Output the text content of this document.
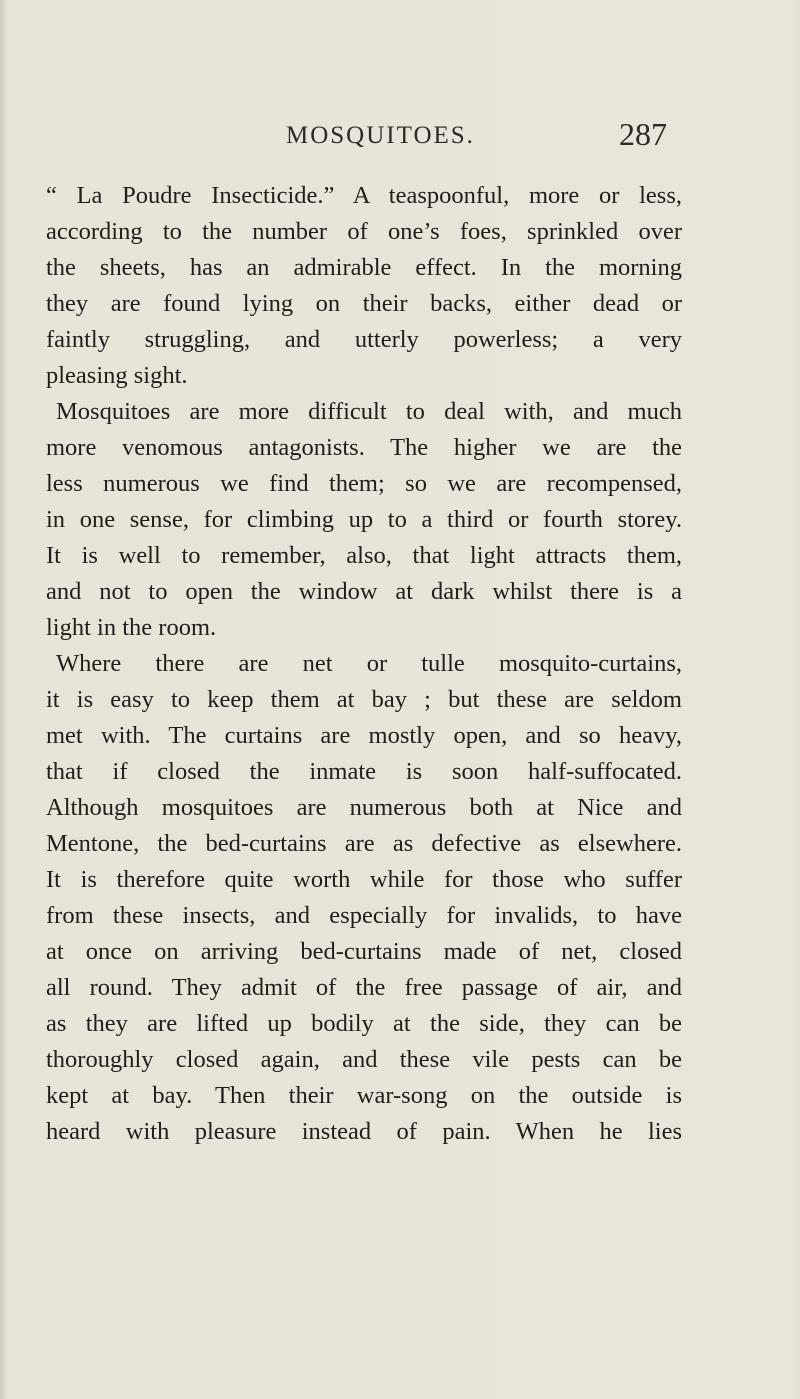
MOSQUITOES.	287
“ La Poudre Insecticide.” A teaspoonful, more or less,
according to the number of one’s foes, sprinkled over
the sheets, has an admirable effect. In the morning
they are found lying on their backs, either dead or
faintly struggling, and utterly powerless; a very
pleasing sight.
Mosquitoes are more difficult to deal with, and much
more venomous antagonists. The higher we are the
less numerous we find them; so we are recompensed,
in one sense, for climbing up to a third or fourth storey.
It is well to remember, also, that light attracts them,
and not to open the window at dark whilst there is a
light in the room.
Where there are net or tulle mosquito-curtains,
it is easy to keep them at bay ; but these are seldom
met with. The curtains are mostly open, and so heavy,
that if closed the inmate is soon half-suffocated.
Although mosquitoes are numerous both at Nice and
Mentone, the bed-curtains are as defective as elsewhere.
It is therefore quite worth while for those who suffer
from these insects, and especially for invalids, to have
at once on arriving bed-curtains made of net, closed
all round. They admit of the free passage of air, and
as they are lifted up bodily at the side, they can be
thoroughly closed again, and these vile pests can be
kept at bay. Then their war-song on the outside is
heard with pleasure instead of pain. When he lies
